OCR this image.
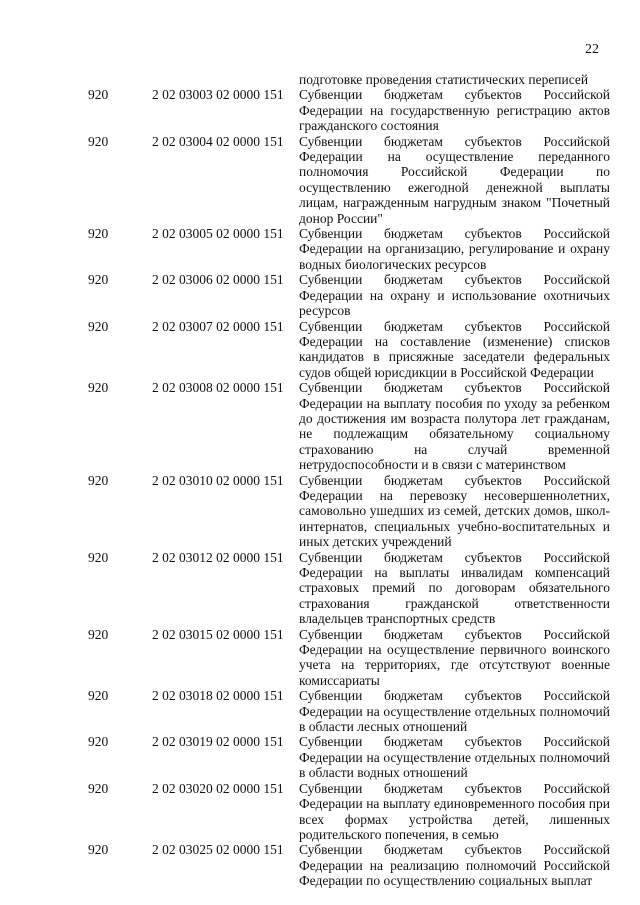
22
подготовке проведения статистических переписей
920	2 02 03003 02 0000 151	Субвенции бюджетам субъектов Российской Федерации на государственную регистрацию актов гражданского состояния
920	2 02 03004 02 0000 151	Субвенции бюджетам субъектов Российской Федерации на осуществление переданного полномочия Российской Федерации по осуществлению ежегодной денежной выплаты лицам, награжденным нагрудным знаком "Почетный донор России"
920	2 02 03005 02 0000 151	Субвенции бюджетам субъектов Российской Федерации на организацию, регулирование и охрану водных биологических ресурсов
920	2 02 03006 02 0000 151	Субвенции бюджетам субъектов Российской Федерации на охрану и использование охотничьих ресурсов
920	2 02 03007 02 0000 151	Субвенции бюджетам субъектов Российской Федерации на составление (изменение) списков кандидатов в присяжные заседатели федеральных судов общей юрисдикции в Российской Федерации
920	2 02 03008 02 0000 151	Субвенции бюджетам субъектов Российской Федерации на выплату пособия по уходу за ребенком до достижения им возраста полутора лет гражданам, не подлежащим обязательному социальному страхованию на случай временной нетрудоспособности и в связи с материнством
920	2 02 03010 02 0000 151	Субвенции бюджетам субъектов Российской Федерации на перевозку несовершеннолетних, самовольно ушедших из семей, детских домов, школ-интернатов, специальных учебно-воспитательных и иных детских учреждений
920	2 02 03012 02 0000 151	Субвенции бюджетам субъектов Российской Федерации на выплаты инвалидам компенсаций страховых премий по договорам обязательного страхования гражданской ответственности владельцев транспортных средств
920	2 02 03015 02 0000 151	Субвенции бюджетам субъектов Российской Федерации на осуществление первичного воинского учета на территориях, где отсутствуют военные комиссариаты
920	2 02 03018 02 0000 151	Субвенции бюджетам субъектов Российской Федерации на осуществление отдельных полномочий в области лесных отношений
920	2 02 03019 02 0000 151	Субвенции бюджетам субъектов Российской Федерации на осуществление отдельных полномочий в области водных отношений
920	2 02 03020 02 0000 151	Субвенции бюджетам субъектов Российской Федерации на выплату единовременного пособия при всех формах устройства детей, лишенных родительского попечения, в семью
920	2 02 03025 02 0000 151	Субвенции бюджетам субъектов Российской Федерации на реализацию полномочий Российской Федерации по осуществлению социальных выплат
